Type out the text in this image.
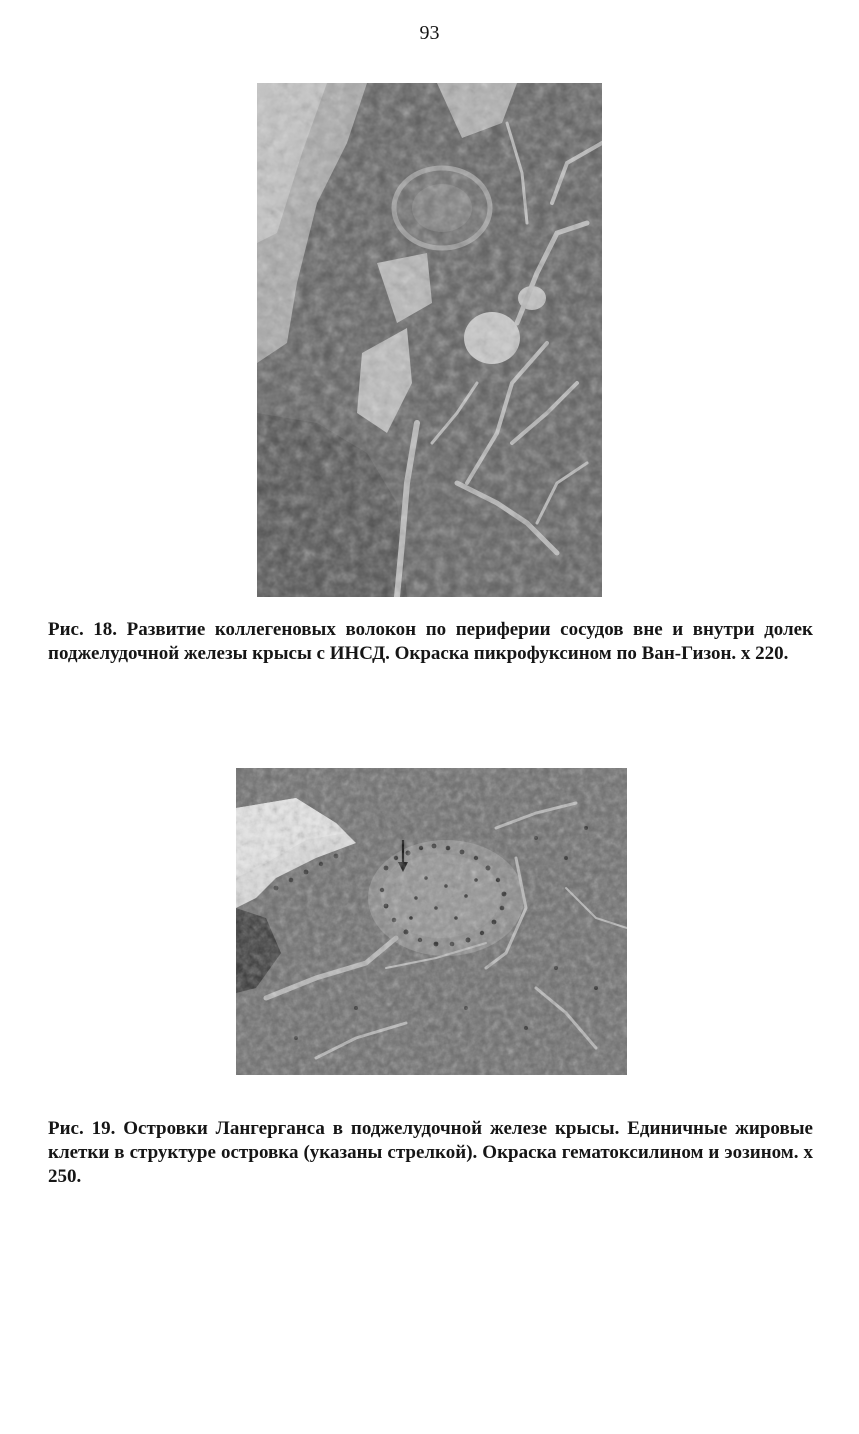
93
Рис. 18. Развитие коллегеновых волокон по периферии сосудов вне и внутри долек поджелудочной железы крысы с ИНСД. Окраска пикрофуксином по Ван-Гизон. х 220.
Рис. 19. Островки Лангерганса в поджелудочной железе крысы. Единичные жировые клетки в структуре островка (указаны стрелкой). Окраска гематоксилином и эозином. х 250.
